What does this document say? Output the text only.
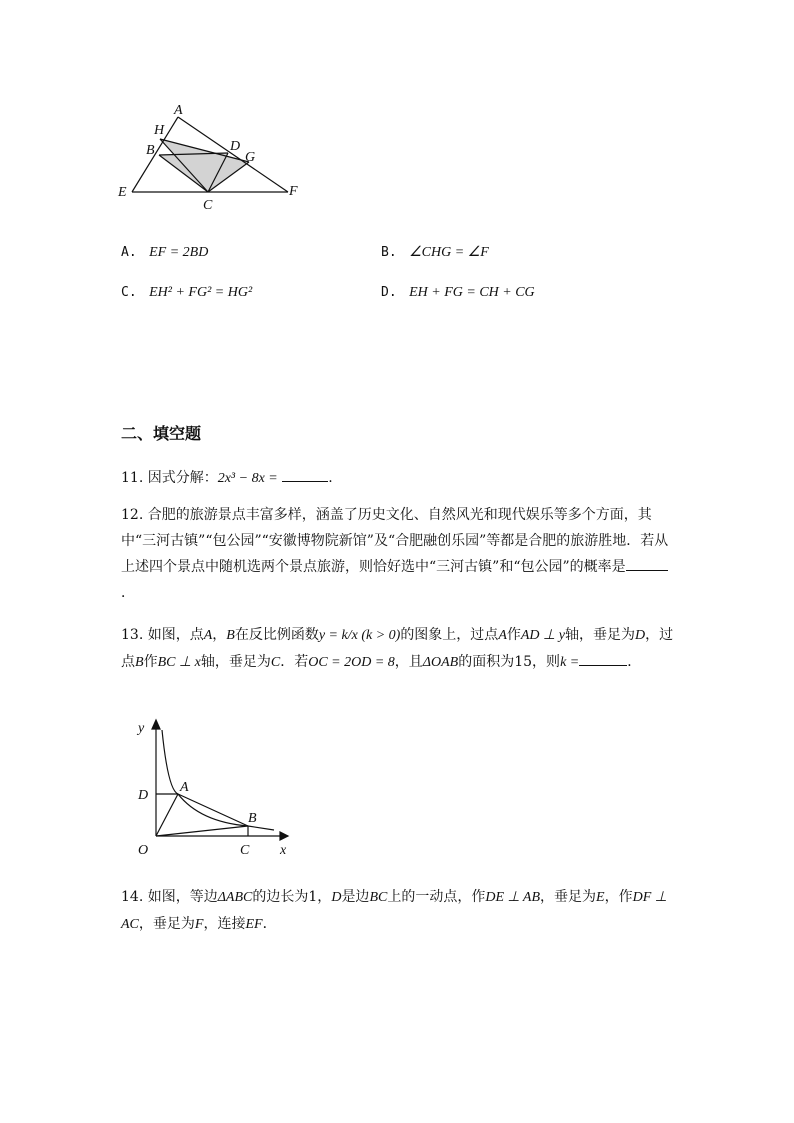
A
H
B	D
G
E
C
F
A. EF = 2BD	B. ∠CHG = ∠F
C. EH² + FG² = HG²	D. EH + FG = CH + CG
二、填空题
11. 因式分解：2x³ − 8x =	.
12. 合肥的旅游景点丰富多样，涵盖了历史文化、自然风光和现代娱乐等多个方面，其中“三河古镇”“包公园”“安徽博物院新馆”及“合肥融创乐园”等都是合肥的旅游胜地．若从上述四个景点中随机选两个景点旅游，则恰好选中“三河古镇”和“包公园”的概率是．
13. 如图，点A，B在反比例函数y = k/x (k > 0)的图象上，过点A作AD ⊥ y轴，垂足为D，过点B作BC ⊥ x轴，垂足为C．若OC = 2OD = 8，且ΔOAB的面积为15，则k =	．
y
D
A
B
O	C x
14. 如图，等边ΔABC的边长为1，D是边BC上的一动点，作DE ⊥ AB，垂足为E，作DF ⊥ AC，垂足为F，连接EF．
